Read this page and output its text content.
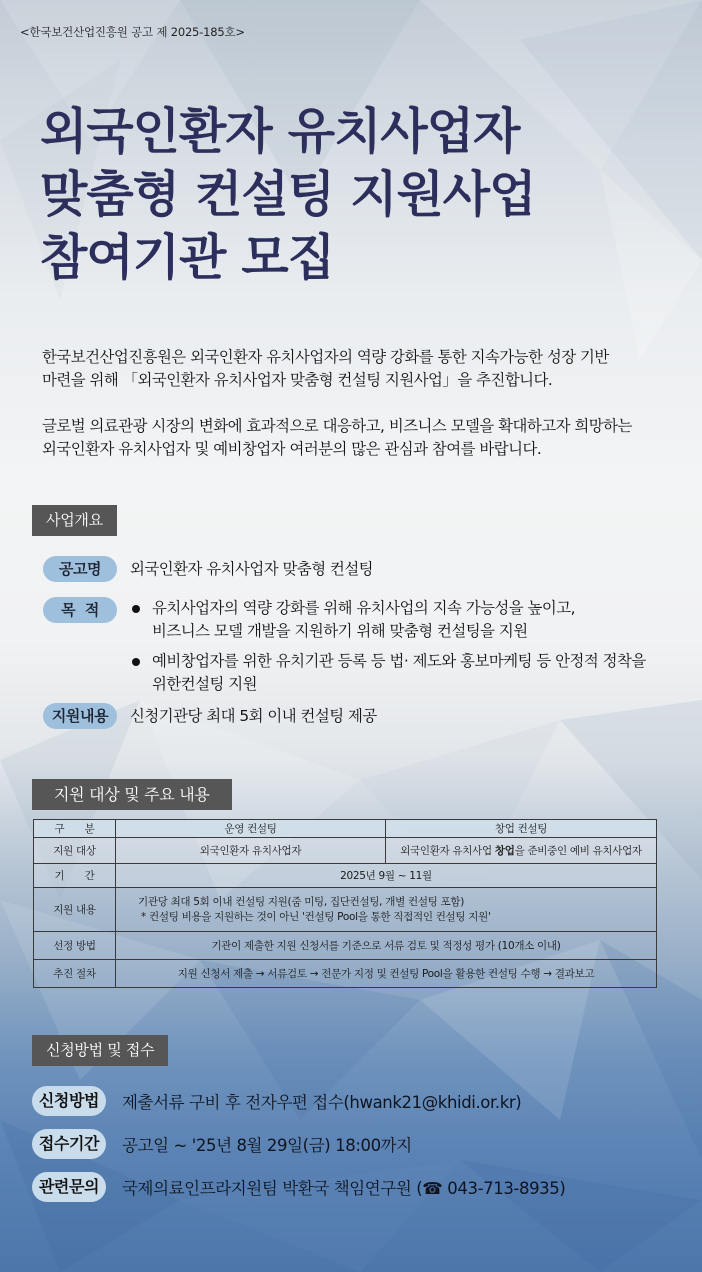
<한국보건산업진흥원 공고 제 2025-185호>
외국인환자 유치사업자
맞춤형 컨설팅 지원사업
참여기관 모집

한국보건산업진흥원은 외국인환자 유치사업자의 역량 강화를 통한 지속가능한 성장 기반

마련을 위해 「외국인환자 유치사업자 맞춤형 컨설팅 지원사업」을 추진합니다.

글로벌 의료관광 시장의 변화에 효과적으로 대응하고, 비즈니스 모델을 확대하고자 희망하는

외국인환자 유치사업자 및 예비창업자 여러분의 많은 관심과 참여를 바랍니다.

사업개요
공고명	외국인환자 유치사업자 맞춤형 컨설팅
목  적	유치사업자의 역량 강화를 위해 유치사업의 지속 가능성을 높이고,
비즈니스 모델 개발을 지원하기 위해 맞춤형 컨설팅을 지원
예비창업자를 위한 유치기관 등록 등 법· 제도와 홍보마케팅 등 안정적 정착을
위한컨설팅 지원
지원내용	신청기관당 최대 5회 이내 컨설팅 제공
지원 대상 및 주요 내용
구분	운영 컨설팅	창업 컨설팅
지원 대상	외국인환자 유치사업자	외국인환자 유치사업 창업을 준비중인 예비 유치사업자
기간	2025년 9월 ~ 11월	
지원 내용	기관당 최대 5회 이내 컨설팅 지원(줌 미팅, 집단컨설팅, 개별 컨설팅 포함)
* 컨설팅 비용을 지원하는 것이 아닌 '컨설팅 Pool을 통한 직접적인 컨설팅 지원'	

선정 방법	기관이 제출한 지원 신청서를 기준으로 서류 검토 및 적정성 평가 (10개소 이내)	
추진 절차	지원 신청서 제출 → 서류검토 → 전문가 지정 및 컨설팅 Pool을 활용한 컨설팅 수행 → 결과보고	
신청방법 및 접수
신청방법	제출서류 구비 후 전자우편 접수(hwank21@khidi.or.kr)
접수기간	공고일 ~ '25년 8월 29일(금) 18:00까지
관련문의	국제의료인프라지원팀 박환국 책임연구원 (☎ 043-713-8935)
